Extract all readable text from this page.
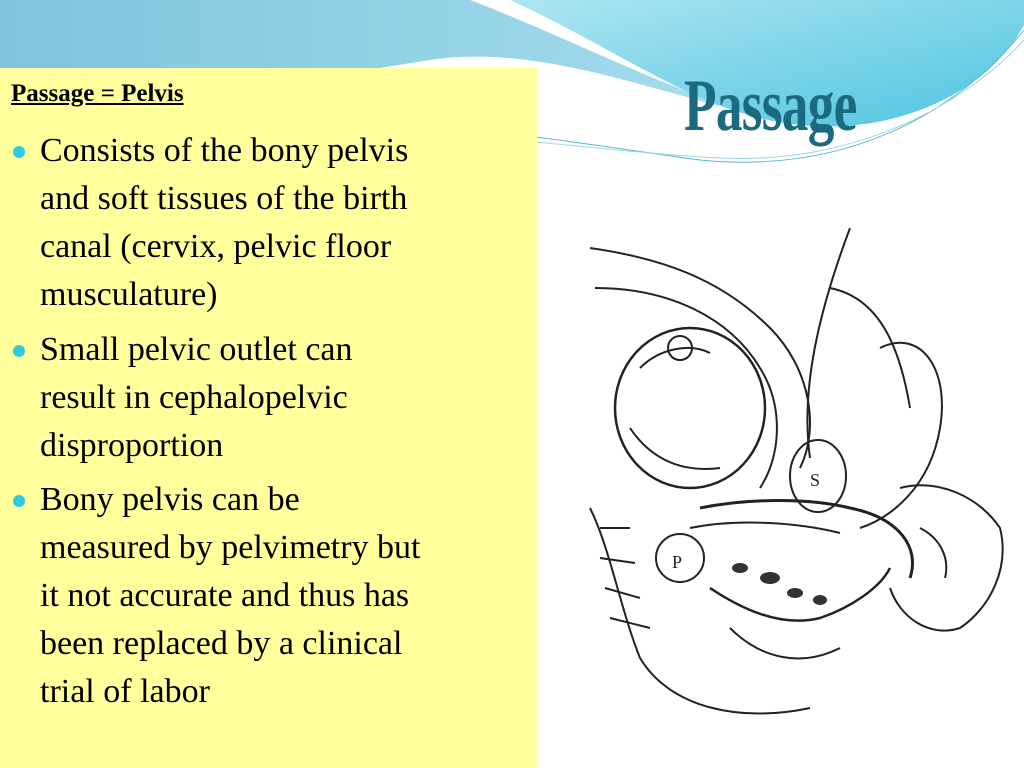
Passage = Pelvis
Consists of the bony pelvis
and soft tissues of the birth
canal (cervix, pelvic floor
musculature)
Small pelvic outlet can
result in cephalopelvic
disproportion
Bony pelvis can be
measured by pelvimetry but
it not accurate and thus has
been replaced by a clinical
trial of labor
Passage
S
P
